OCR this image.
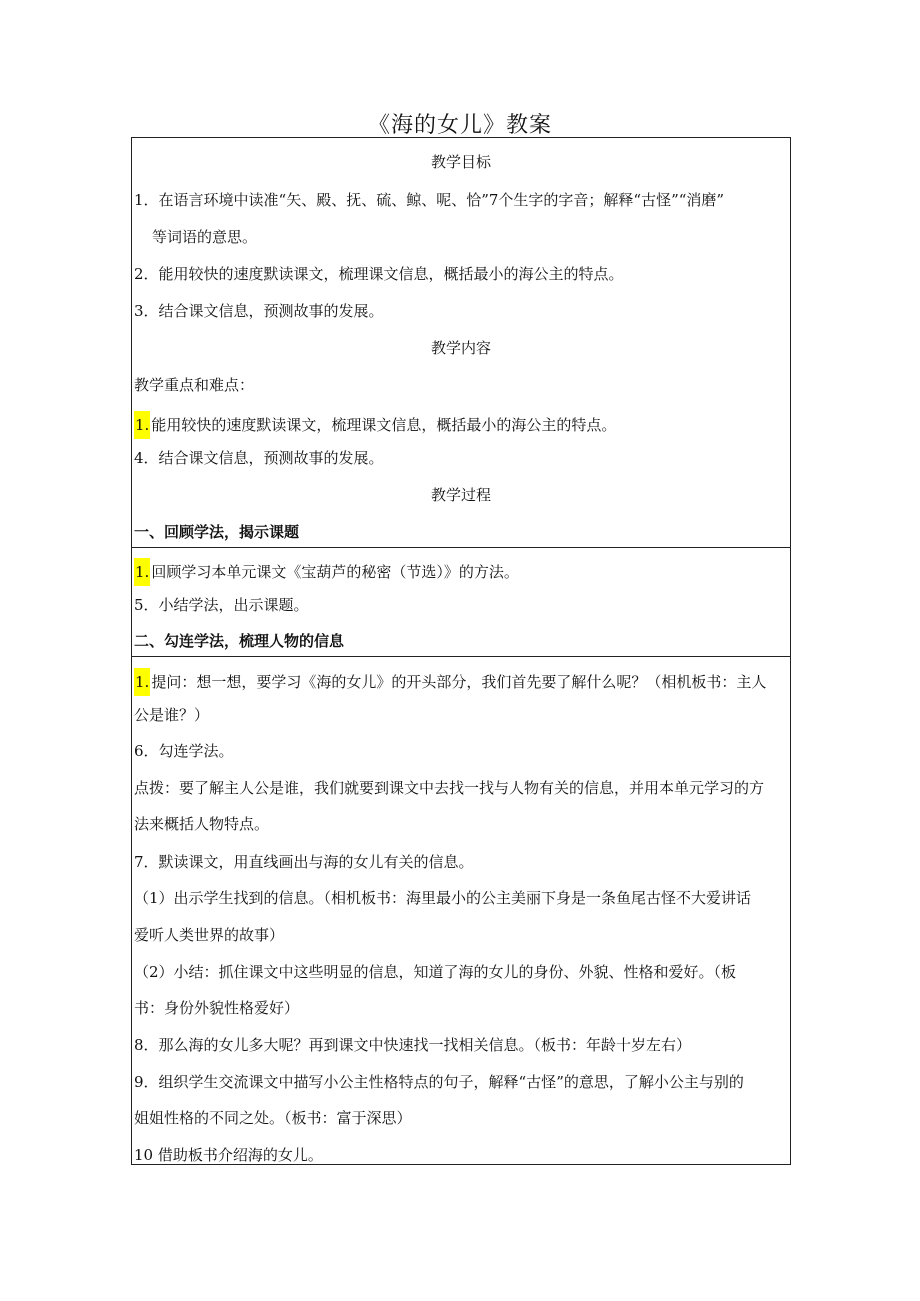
《海的女儿》教案
教学目标
1．在语言环境中读准“矢、殿、抚、硫、鲸、呢、恰”7个生字的字音；解释“古怪”“消磨”
等词语的意思。
2．能用较快的速度默读课文，梳理课文信息，概括最小的海公主的特点。
3．结合课文信息，预测故事的发展。
教学内容
教学重点和难点：
1. 能用较快的速度默读课文，梳理课文信息，概括最小的海公主的特点。
4．结合课文信息，预测故事的发展。
教学过程
一、回顾学法，揭示课题
1. 回顾学习本单元课文《宝葫芦的秘密（节选）》的方法。
5．小结学法，出示课题。
二、勾连学法，梳理人物的信息
1. 提问：想一想，要学习《海的女儿》的开头部分，我们首先要了解什么呢？（相机板书：主人
公是谁？）
6．勾连学法。
点拨：要了解主人公是谁，我们就要到课文中去找一找与人物有关的信息，并用本单元学习的方
法来概括人物特点。
7．默读课文，用直线画出与海的女儿有关的信息。
（1）出示学生找到的信息。（相机板书：海里最小的公主美丽下身是一条鱼尾古怪不大爱讲话
爱听人类世界的故事）
（2）小结：抓住课文中这些明显的信息，知道了海的女儿的身份、外貌、性格和爱好。（板
书：身份外貌性格爱好）
8．那么海的女儿多大呢？再到课文中快速找一找相关信息。（板书：年龄十岁左右）
9．组织学生交流课文中描写小公主性格特点的句子，解释“古怪”的意思，了解小公主与别的
姐姐性格的不同之处。（板书：富于深思）
10 借助板书介绍海的女儿。
